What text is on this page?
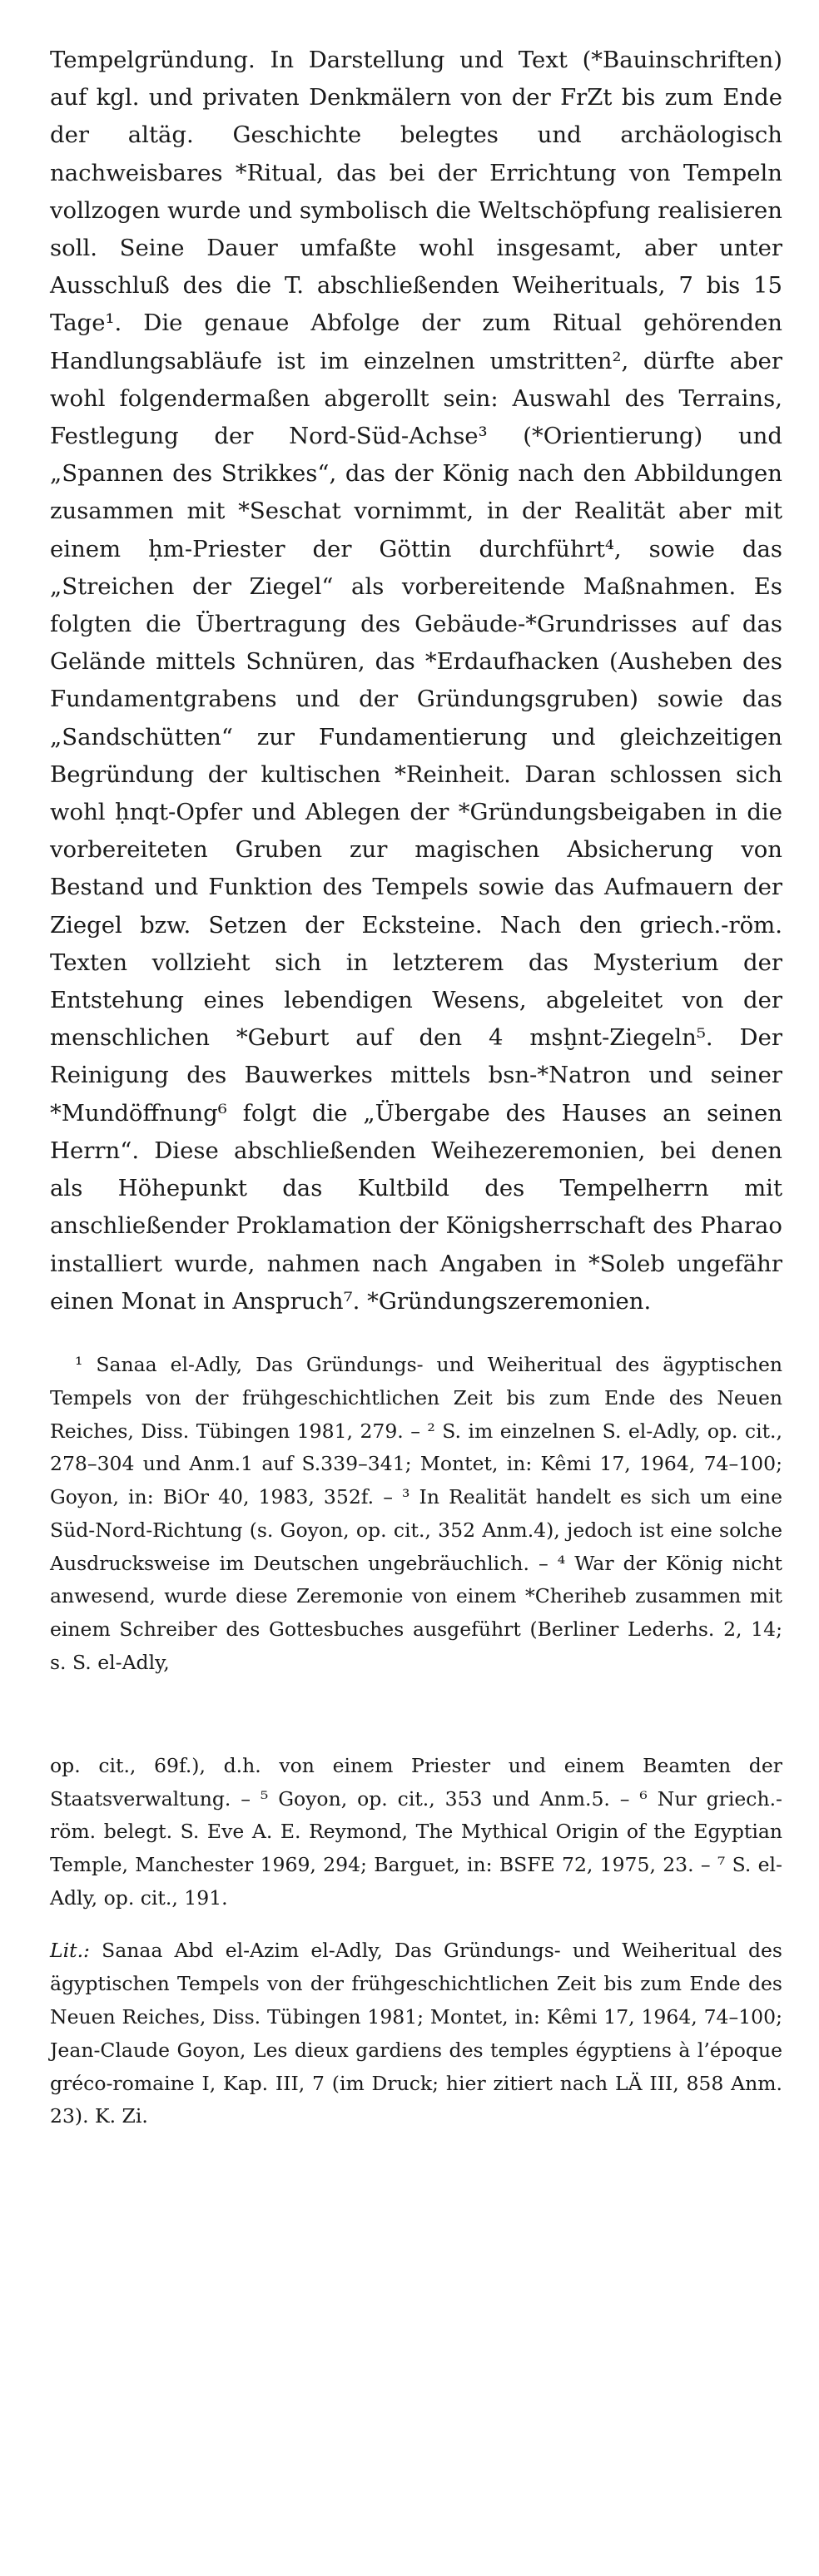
Tempelgründung. In Darstellung und Text (*Bauinschriften) auf kgl. und privaten Denkmälern von der FrZt bis zum Ende der altäg. Geschichte belegtes und archäologisch nachweisbares *Ritual, das bei der Errichtung von Tempeln vollzogen wurde und symbolisch die Weltschöpfung realisieren soll. Seine Dauer umfaßte wohl insgesamt, aber unter Ausschluß des die T. abschließenden Weiherituals, 7 bis 15 Tage¹. Die genaue Abfolge der zum Ritual gehörenden Handlungsabläufe ist im einzelnen umstritten², dürfte aber wohl folgendermaßen abgerollt sein: Auswahl des Terrains, Festlegung der Nord-Süd-Achse³ (*Orientierung) und „Spannen des Strikkes“, das der König nach den Abbildungen zusammen mit *Seschat vornimmt, in der Realität aber mit einem ḥm-Priester der Göttin durchführt⁴, sowie das „Streichen der Ziegel“ als vorbereitende Maßnahmen. Es folgten die Übertragung des Gebäude-*Grundrisses auf das Gelände mittels Schnüren, das *Erdaufhacken (Ausheben des Fundamentgrabens und der Gründungsgruben) sowie das „Sandschütten“ zur Fundamentierung und gleichzeitigen Begründung der kultischen *Reinheit. Daran schlossen sich wohl ḥnqt-Opfer und Ablegen der *Gründungsbeigaben in die vorbereiteten Gruben zur magischen Absicherung von Bestand und Funktion des Tempels sowie das Aufmauern der Ziegel bzw. Setzen der Ecksteine. Nach den griech.-röm. Texten vollzieht sich in letzterem das Mysterium der Entstehung eines lebendigen Wesens, abgeleitet von der menschlichen *Geburt auf den 4 msḫnt-Ziegeln⁵. Der Reinigung des Bauwerkes mittels bsn-*Natron und seiner *Mundöffnung⁶ folgt die „Übergabe des Hauses an seinen Herrn“. Diese abschließenden Weihezeremonien, bei denen als Höhepunkt das Kultbild des Tempelherrn mit anschließender Proklamation der Königsherrschaft des Pharao installiert wurde, nahmen nach Angaben in *Soleb ungefähr einen Monat in Anspruch⁷. *Gründungszeremonien.

¹ Sanaa el-Adly, Das Gründungs- und Weiheritual des ägyptischen Tempels von der frühgeschichtlichen Zeit bis zum Ende des Neuen Reiches, Diss. Tübingen 1981, 279. – ² S. im einzelnen S. el-Adly, op. cit., 278–304 und Anm.1 auf S.339–341; Montet, in: Kêmi 17, 1964, 74–100; Goyon, in: BiOr 40, 1983, 352f. – ³ In Realität handelt es sich um eine Süd-Nord-Richtung (s. Goyon, op. cit., 352 Anm.4), jedoch ist eine solche Ausdrucksweise im Deutschen ungebräuchlich. – ⁴ War der König nicht anwesend, wurde diese Zeremonie von einem *Cheriheb zusammen mit einem Schreiber des Gottesbuches ausgeführt (Berliner Lederhs. 2, 14; s. S. el-Adly,

op. cit., 69f.), d.h. von einem Priester und einem Beamten der Staatsverwaltung. – ⁵ Goyon, op. cit., 353 und Anm.5. – ⁶ Nur griech.-röm. belegt. S. Eve A. E. Reymond, The Mythical Origin of the Egyptian Temple, Manchester 1969, 294; Barguet, in: BSFE 72, 1975, 23. – ⁷ S. el-Adly, op. cit., 191.

Lit.: Sanaa Abd el-Azim el-Adly, Das Gründungs- und Weiheritual des ägyptischen Tempels von der frühgeschichtlichen Zeit bis zum Ende des Neuen Reiches, Diss. Tübingen 1981; Montet, in: Kêmi 17, 1964, 74–100; Jean-Claude Goyon, Les dieux gardiens des temples égyptiens à l’époque gréco-romaine I, Kap. III, 7 (im Druck; hier zitiert nach LÄ III, 858 Anm. 23). K. Zi.
